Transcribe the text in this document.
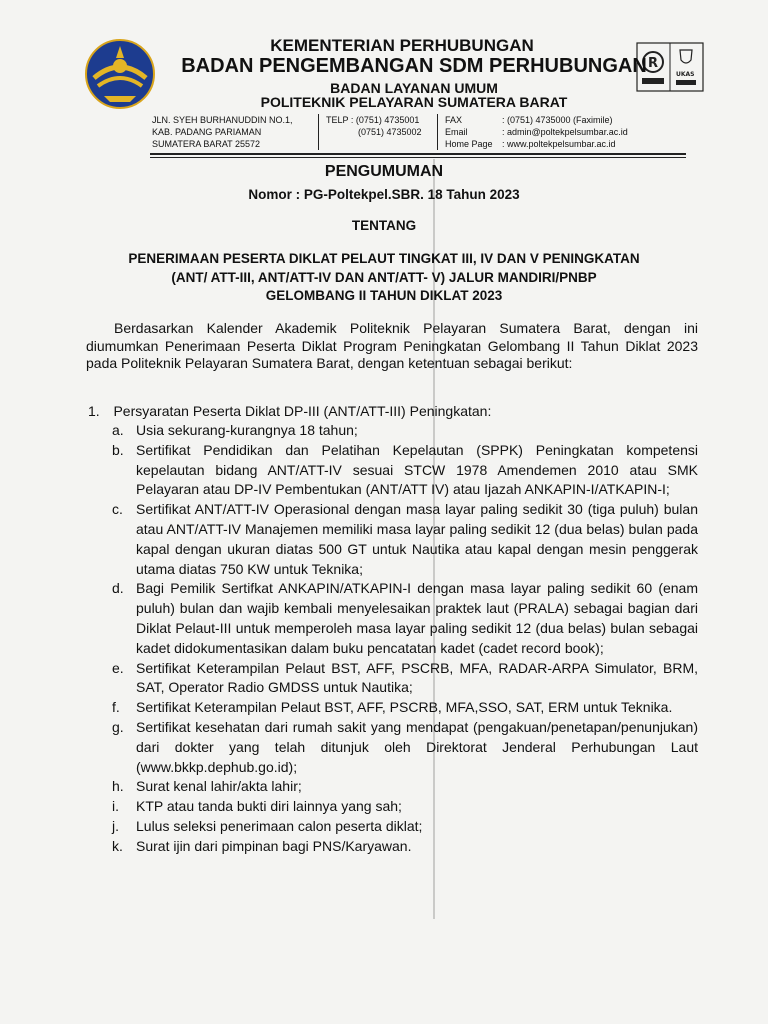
R
UKAS
KEMENTERIAN PERHUBUNGAN
BADAN PENGEMBANGAN SDM PERHUBUNGAN
BADAN LAYANAN UMUM
POLITEKNIK PELAYARAN SUMATERA BARAT
JLN. SYEH BURHANUDDIN NO.1,
KAB. PADANG PARIAMAN
SUMATERA BARAT 25572
TELP : (0751) 4735001
(0751) 4735002
FAX
Email
Home Page
: (0751) 4735000 (Faximile)
: admin@poltekpelsumbar.ac.id
: www.poltekpelsumbar.ac.id
PENGUMUMAN
Nomor : PG-Poltekpel.SBR. 18 Tahun 2023
TENTANG
PENERIMAAN PESERTA DIKLAT PELAUT TINGKAT III, IV DAN V PENINGKATAN
(ANT/ ATT-III, ANT/ATT-IV DAN ANT/ATT- V) JALUR MANDIRI/PNBP
GELOMBANG II TAHUN DIKLAT 2023

Berdasarkan Kalender Akademik Politeknik Pelayaran Sumatera Barat, dengan ini diumumkan Penerimaan Peserta Diklat Program Peningkatan Gelombang II Tahun Diklat 2023 pada Politeknik Pelayaran Sumatera Barat, dengan ketentuan sebagai berikut:

1. Persyaratan Peserta Diklat DP-III (ANT/ATT-III) Peningkatan:
a. Usia sekurang-kurangnya 18 tahun;
b. Sertifikat Pendidikan dan Pelatihan Kepelautan (SPPK) Peningkatan kompetensi kepelautan bidang ANT/ATT-IV sesuai STCW 1978 Amendemen 2010 atau SMK Pelayaran atau DP-IV Pembentukan (ANT/ATT IV) atau Ijazah ANKAPIN-I/ATKAPIN-I;
c. Sertifikat ANT/ATT-IV Operasional dengan masa layar paling sedikit 30 (tiga puluh) bulan atau ANT/ATT-IV Manajemen memiliki masa layar paling sedikit 12 (dua belas) bulan pada kapal dengan ukuran diatas 500 GT untuk Nautika atau kapal dengan mesin penggerak utama diatas 750 KW untuk Teknika;
d. Bagi Pemilik Sertifkat ANKAPIN/ATKAPIN-I dengan masa layar paling sedikit 60 (enam puluh) bulan dan wajib kembali menyelesaikan praktek laut (PRALA) sebagai bagian dari Diklat Pelaut-III untuk memperoleh masa layar paling sedikit 12 (dua belas) bulan sebagai kadet didokumentasikan dalam buku pencatatan kadet (cadet record book);
e. Sertifikat Keterampilan Pelaut BST, AFF, PSCRB, MFA, RADAR-ARPA Simulator, BRM, SAT, Operator Radio GMDSS untuk Nautika;
f. Sertifikat Keterampilan Pelaut BST, AFF, PSCRB, MFA,SSO, SAT, ERM untuk Teknika.
g. Sertifikat kesehatan dari rumah sakit yang mendapat (pengakuan/penetapan/penunjukan) dari dokter yang telah ditunjuk oleh Direktorat Jenderal Perhubungan Laut (www.bkkp.dephub.go.id);
h. Surat kenal lahir/akta lahir;
i. KTP atau tanda bukti diri lainnya yang sah;
j. Lulus seleksi penerimaan calon peserta diklat;
k. Surat ijin dari pimpinan bagi PNS/Karyawan.
